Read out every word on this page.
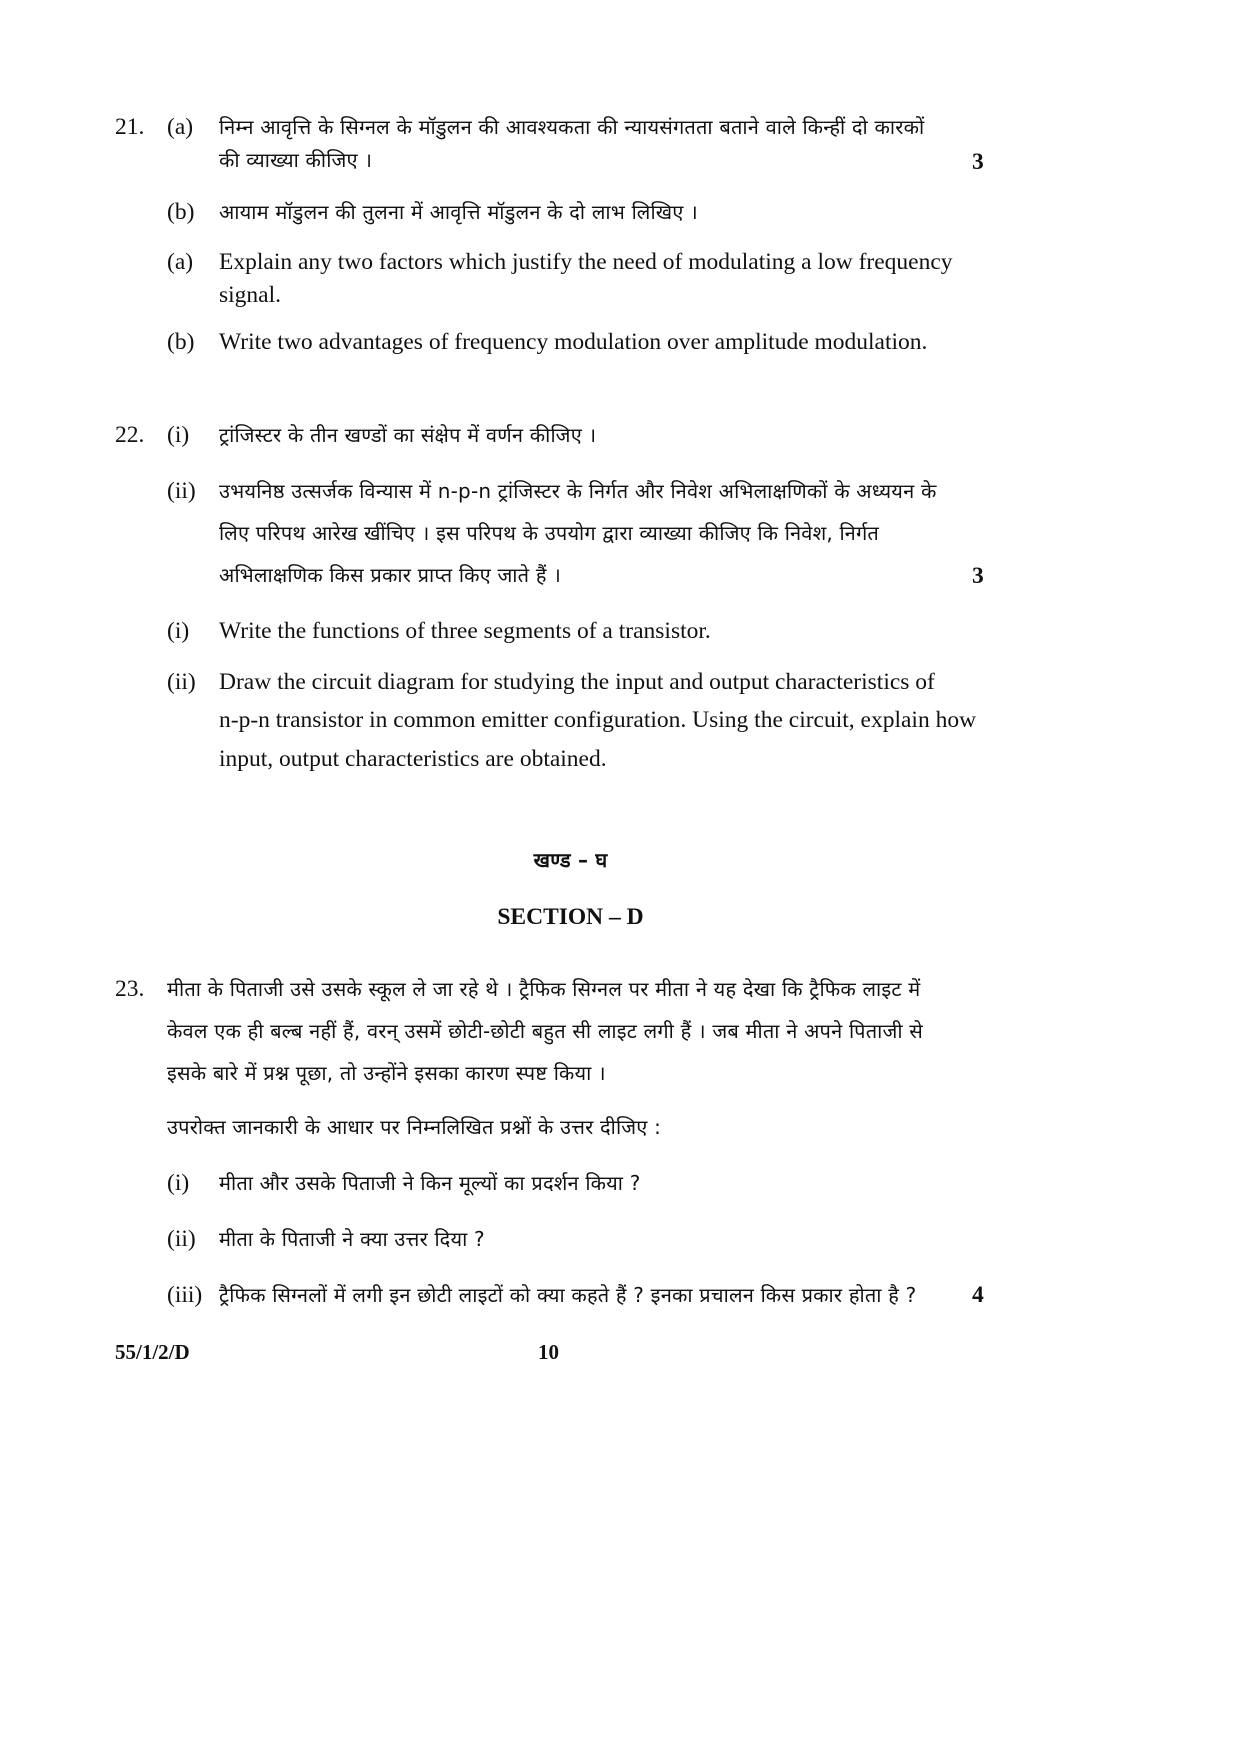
21. (a) निम्न आवृत्ति के सिग्नल के मॉडुलन की आवश्यकता की न्यायसंगतता बताने वाले किन्हीं दो कारकों
की व्याख्या कीजिए ।	3
(b) आयाम मॉडुलन की तुलना में आवृत्ति मॉडुलन के दो लाभ लिखिए ।
(a) Explain any two factors which justify the need of modulating a low frequency
signal.
(b) Write two advantages of frequency modulation over amplitude modulation.
22. (i) ट्रांजिस्टर के तीन खण्डों का संक्षेप में वर्णन कीजिए ।
(ii) उभयनिष्ठ उत्सर्जक विन्यास में n-p-n ट्रांजिस्टर के निर्गत और निवेश अभिलाक्षणिकों के अध्ययन के
लिए परिपथ आरेख खींचिए । इस परिपथ के उपयोग द्वारा व्याख्या कीजिए कि निवेश, निर्गत
अभिलाक्षणिक किस प्रकार प्राप्त किए जाते हैं ।	3
(i) Write the functions of three segments of a transistor.
(ii) Draw the circuit diagram for studying the input and output characteristics of
n-p-n transistor in common emitter configuration. Using the circuit, explain how
input, output characteristics are obtained.
खण्ड – घ
SECTION – D
23. मीता के पिताजी उसे उसके स्कूल ले जा रहे थे । ट्रैफिक सिग्नल पर मीता ने यह देखा कि ट्रैफिक लाइट में
केवल एक ही बल्ब नहीं हैं, वरन् उसमें छोटी-छोटी बहुत सी लाइट लगी हैं । जब मीता ने अपने पिताजी से
इसके बारे में प्रश्न पूछा, तो उन्होंने इसका कारण स्पष्ट किया ।
उपरोक्त जानकारी के आधार पर निम्नलिखित प्रश्नों के उत्तर दीजिए :
(i) मीता और उसके पिताजी ने किन मूल्यों का प्रदर्शन किया ?
(ii) मीता के पिताजी ने क्या उत्तर दिया ?
(iii) ट्रैफिक सिग्नलों में लगी इन छोटी लाइटों को क्या कहते हैं ? इनका प्रचालन किस प्रकार होता है ? 4
55/1/2/D	10
